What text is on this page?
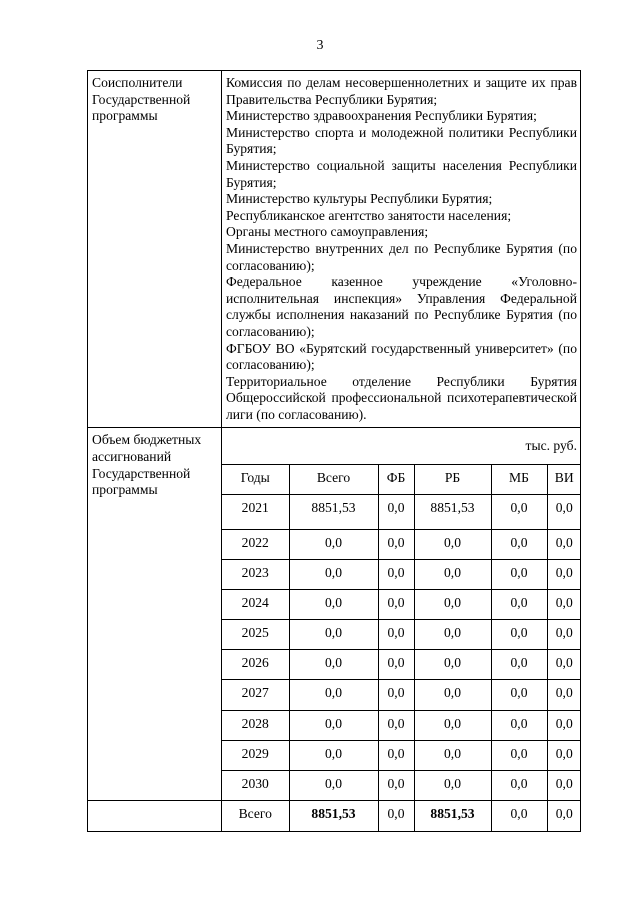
3
Соисполнители
Государственной
программы

Комиссия по делам несовершеннолетних и защите их прав Правительства Республики Бурятия;

Министерство здравоохранения Республики Бурятия;

Министерство спорта и молодежной политики Республики Бурятия;

Министерство социальной защиты населения Республики Бурятия;

Министерство культуры Республики Бурятия;

Республиканское агентство занятости населения;

Органы местного самоуправления;

Министерство внутренних дел по Республике Бурятия (по согласованию);

Федеральное казенное учреждение «Уголовно-исполнительная инспекция» Управления Федеральной службы исполнения наказаний по Республике Бурятия (по согласованию);

ФГБОУ ВО «Бурятский государственный университет» (по согласованию);

Территориальное отделение Республики Бурятия Общероссийской профессиональной психотерапевтической лиги (по согласованию).

Объем бюджетных
ассигнований
Государственной
программы

тыс. руб.
Годы	Всего	ФБ	РБ	МБ	ВИ
2021	8851,53	0,0	8851,53	0,0	0,0
2022	0,0	0,0	0,0	0,0	0,0
2023	0,0	0,0	0,0	0,0	0,0
2024	0,0	0,0	0,0	0,0	0,0
2025	0,0	0,0	0,0	0,0	0,0
2026	0,0	0,0	0,0	0,0	0,0
2027	0,0	0,0	0,0	0,0	0,0
2028	0,0	0,0	0,0	0,0	0,0
2029	0,0	0,0	0,0	0,0	0,0
2030	0,0	0,0	0,0	0,0	0,0

Всего	8851,53	0,0	8851,53	0,0	0,0
